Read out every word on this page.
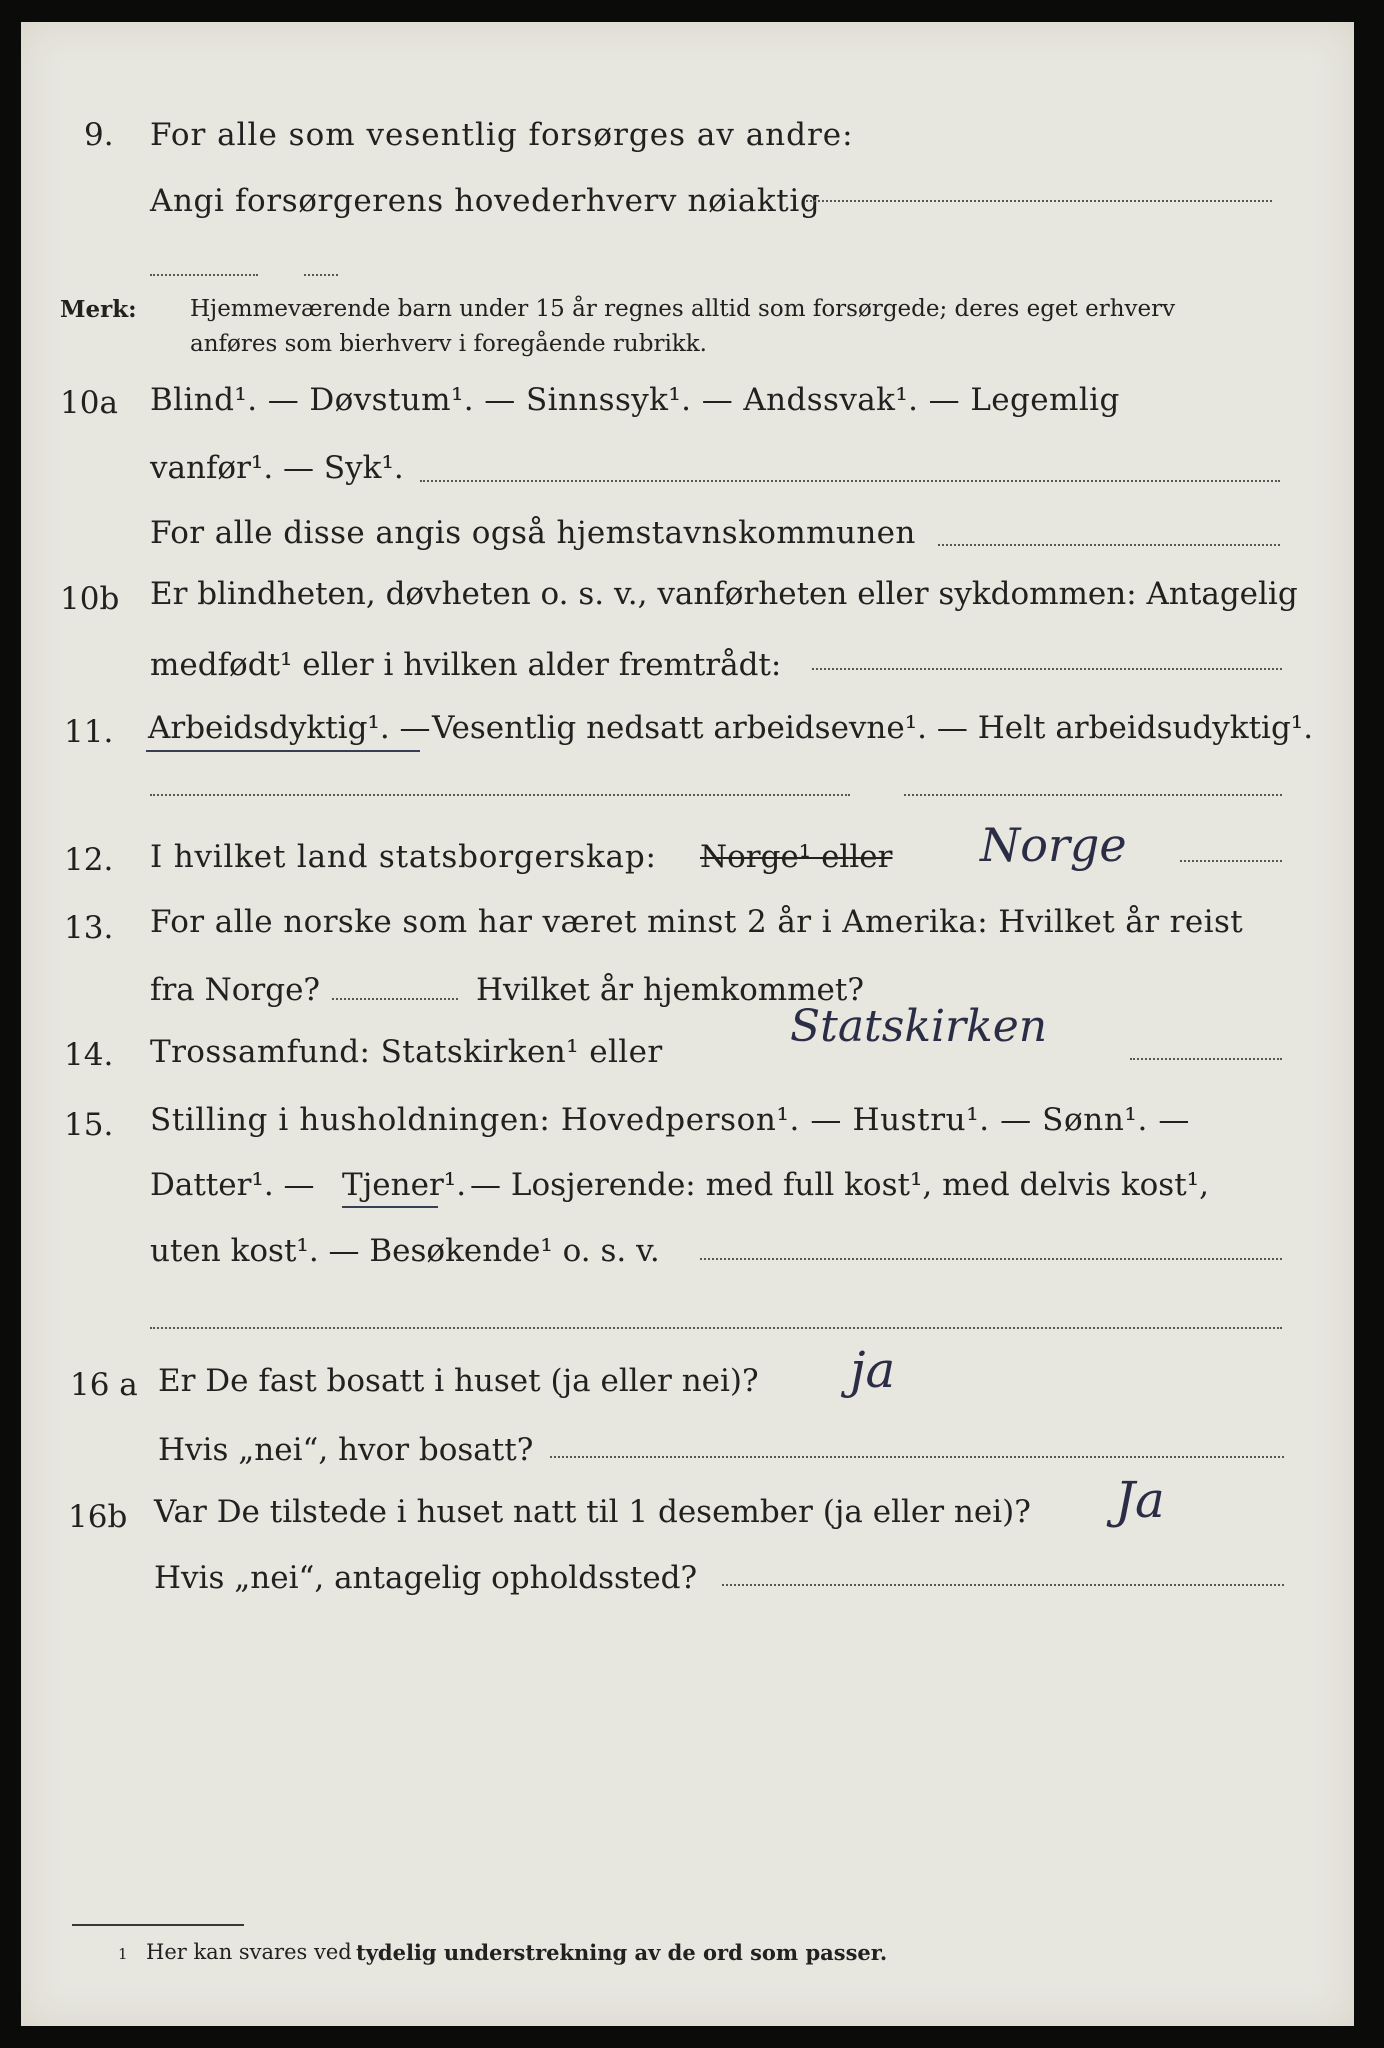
9. For alle som vesentlig forsørges av andre:
Angi forsørgerens hovederhverv nøiaktig
Merk: Hjemmeværende barn under 15 år regnes alltid som forsørgede; deres eget erhverv
anføres som bierhverv i foregående rubrikk.
10a Blind¹. — Døvstum¹. — Sinnssyk¹. — Andssvak¹. — Legemlig
vanfør¹. — Syk¹.
For alle disse angis også hjemstavnskommunen
10b Er blindheten, døvheten o. s. v., vanførheten eller sykdommen: Antagelig
medfødt¹ eller i hvilken alder fremtrådt:
11. Arbeidsdyktig¹. — Vesentlig nedsatt arbeidsevne¹. — Helt arbeidsudyktig¹.
12. I hvilket land statsborgerskap: Norge¹ eller Norge
13. For alle norske som har været minst 2 år i Amerika: Hvilket år reist
fra Norge?	Hvilket år hjemkommet?
14. Trossamfund: Statskirken¹ eller	Statskirken
15. Stilling i husholdningen: Hovedperson¹. — Hustru¹. — Sønn¹. —
Datter¹. — Tjener¹. — Losjerende: med full kost¹, med delvis kost¹,
uten kost¹. — Besøkende¹ o. s. v.
16 a Er De fast bosatt i huset (ja eller nei)? ja
Hvis „nei“, hvor bosatt?
16b Var De tilstede i huset natt til 1 desember (ja eller nei)? Ja
Hvis „nei“, antagelig opholdssted?
1 Her kan svares ved tydelig understrekning av de ord som passer.
